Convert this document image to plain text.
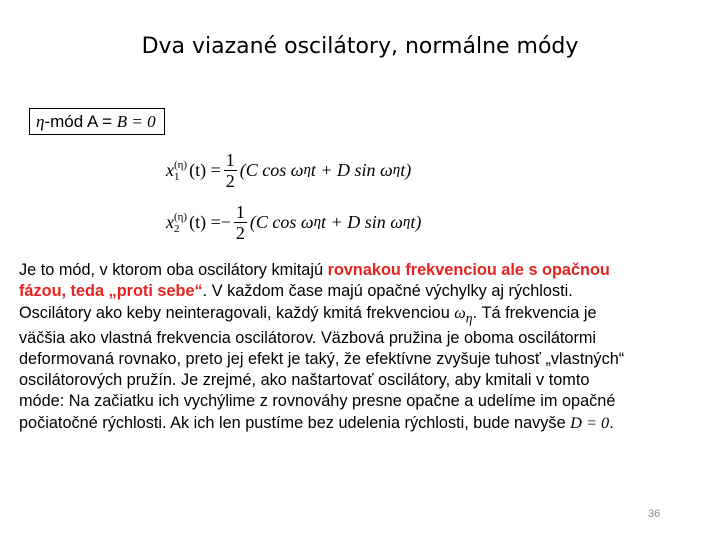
Dva viazané oscilátory, normálne módy
η-mód A = B = 0
x (η)
1 $(t) = \frac{1}{2} (C$ cos ω η t + D sin ω η t)
x (η)
2 (t) = − $\frac{1}{2} (C$ cos ω η t + D sin ω η t)
Je to mód, v ktorom oba oscilátory kmitajú rovnakou frekvenciou ale s opačnou
fázou, teda „proti sebe“. V každom čase majú opačné výchylky aj rýchlosti.
Oscilátory ako keby neinteragovali, každý kmitá frekvenciou $\omega_\eta$. Tá frekvencia je
väčšia ako vlastná frekvencia oscilátorov. Väzbová pružina je oboma oscilátormi
deformovaná rovnako, preto jej efekt je taký, že efektívne zvyšuje tuhosť „vlastných“
oscilátorových pružín. Je zrejmé, ako naštartovať oscilátory, aby kmitali v tomto
móde: Na začiatku ich vychýlime z rovnováhy presne opačne a udelíme im opačné
počiatočné rýchlosti. Ak ich len pustíme bez udelenia rýchlosti, bude navyše D = 0.
36
